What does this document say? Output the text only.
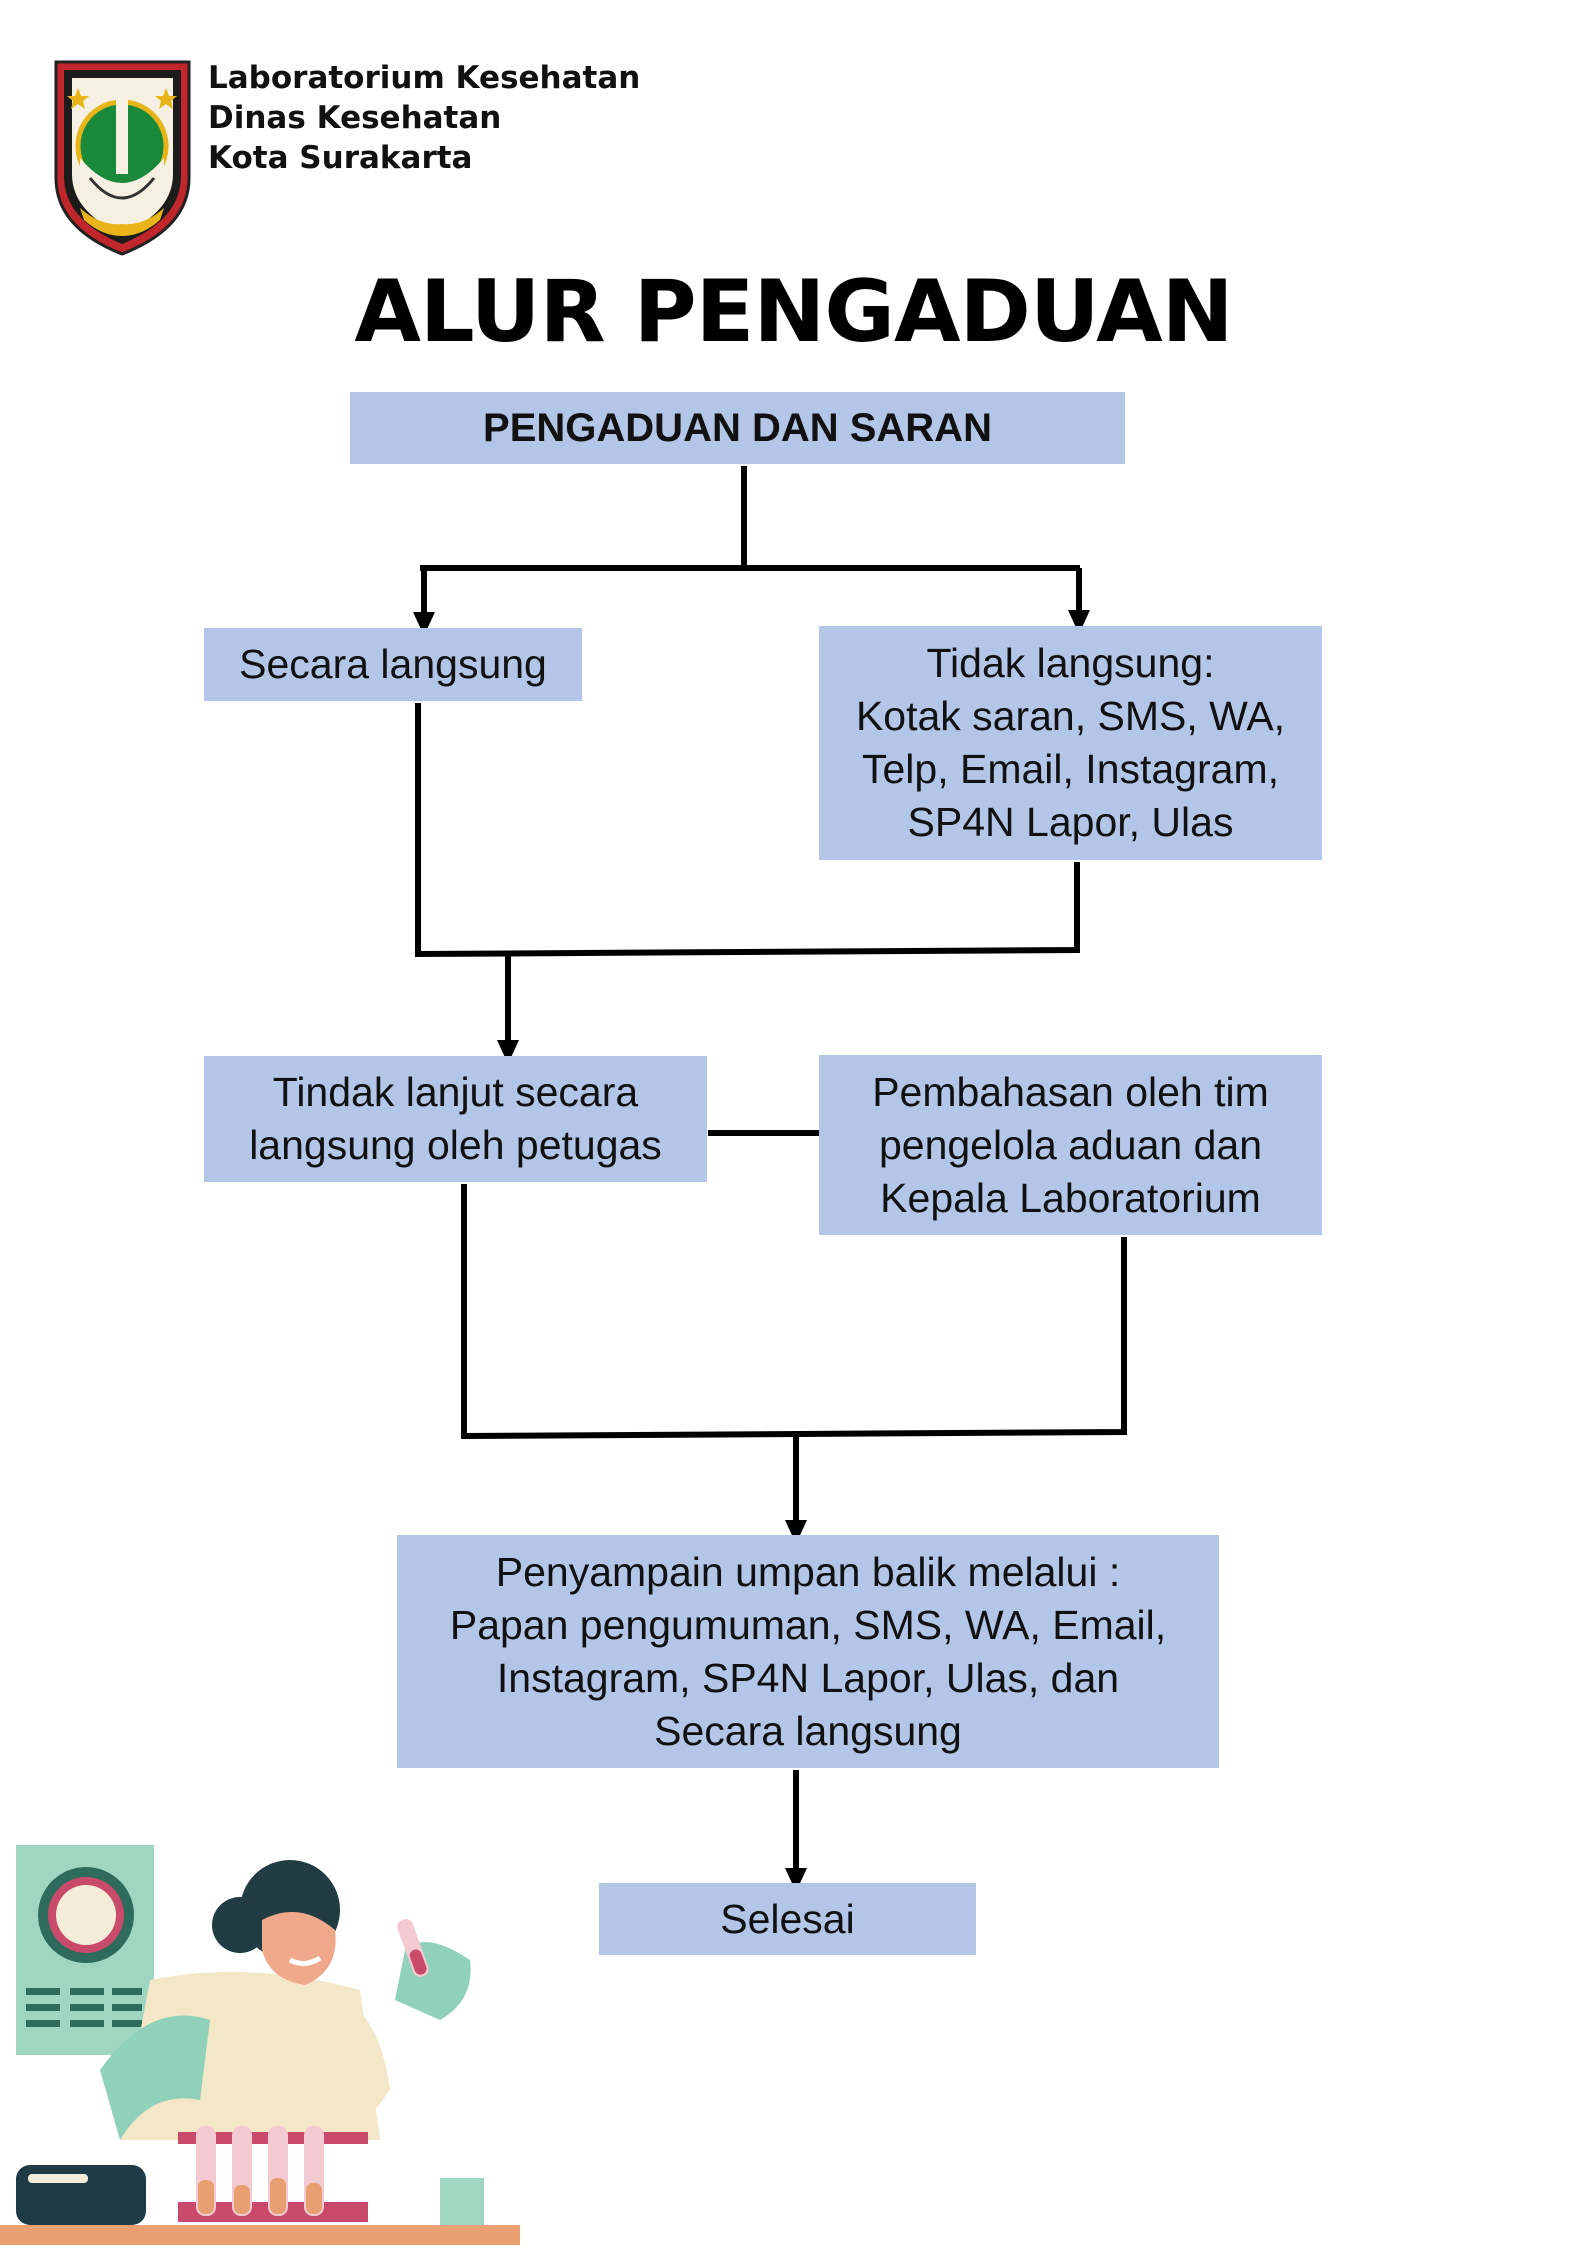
Laboratorium Kesehatan
Dinas Kesehatan
Kota Surakarta
ALUR PENGADUAN
PENGADUAN DAN SARAN
Secara langsung	Tidak langsung:
Kotak saran, SMS, WA,
Telp, Email, Instagram,
SP4N Lapor, Ulas
Tindak lanjut secara
langsung oleh petugas
Pembahasan oleh tim
pengelola aduan dan
Kepala Laboratorium
Penyampain umpan balik melalui :
Papan pengumuman, SMS, WA, Email,
Instagram, SP4N Lapor, Ulas, dan
Secara langsung
Selesai
